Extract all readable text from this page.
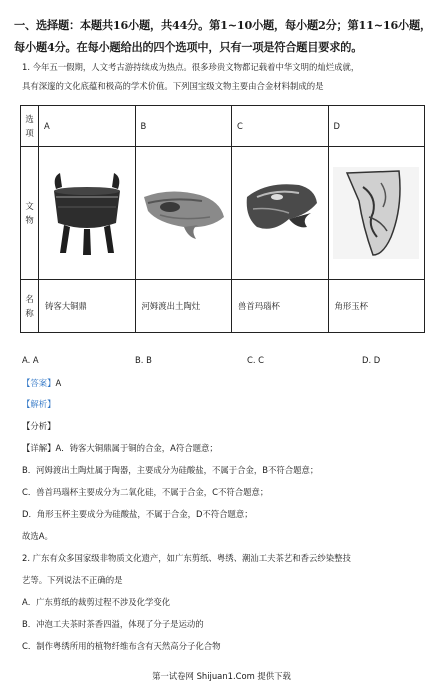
一、选择题：本题共16小题，共44分。第1~10小题，每小题2分；第11~16小题，每小题4分。在每小题给出的四个选项中，只有一项是符合题目要求的。
1. 今年五一假期，人文考古游持续成为热点。很多珍贵文物都记载着中华文明的灿烂成就，
具有深邃的文化底蕴和极高的学术价值。下列国宝级文物主要由合金材料制成的是
选项	A	B	C	D
文物	

名称	铸客大铜鼎	河姆渡出土陶灶	兽首玛瑙杯	角形玉杯
A. A	B. B	C. C	D. D
【答案】A
【解析】
【分析】
【详解】A．铸客大铜鼎属于铜的合金，A符合题意；
B．河姆渡出土陶灶属于陶器，主要成分为硅酸盐，不属于合金，B不符合题意；
C．兽首玛瑙杯主要成分为二氧化硅，不属于合金，C不符合题意；
D．角形玉杯主要成分为硅酸盐，不属于合金，D不符合题意；
故选A。
2. 广东有众多国家级非物质文化遗产，如广东剪纸、粤绣、潮汕工夫茶艺和香云纱染整技
艺等。下列说法不正确的是
A．广东剪纸的裁剪过程不涉及化学变化
B．冲泡工夫茶时茶香四溢，体现了分子是运动的
C．制作粤绣所用的植物纤维布含有天然高分子化合物
第一试卷网 Shijuan1.Com 提供下载
